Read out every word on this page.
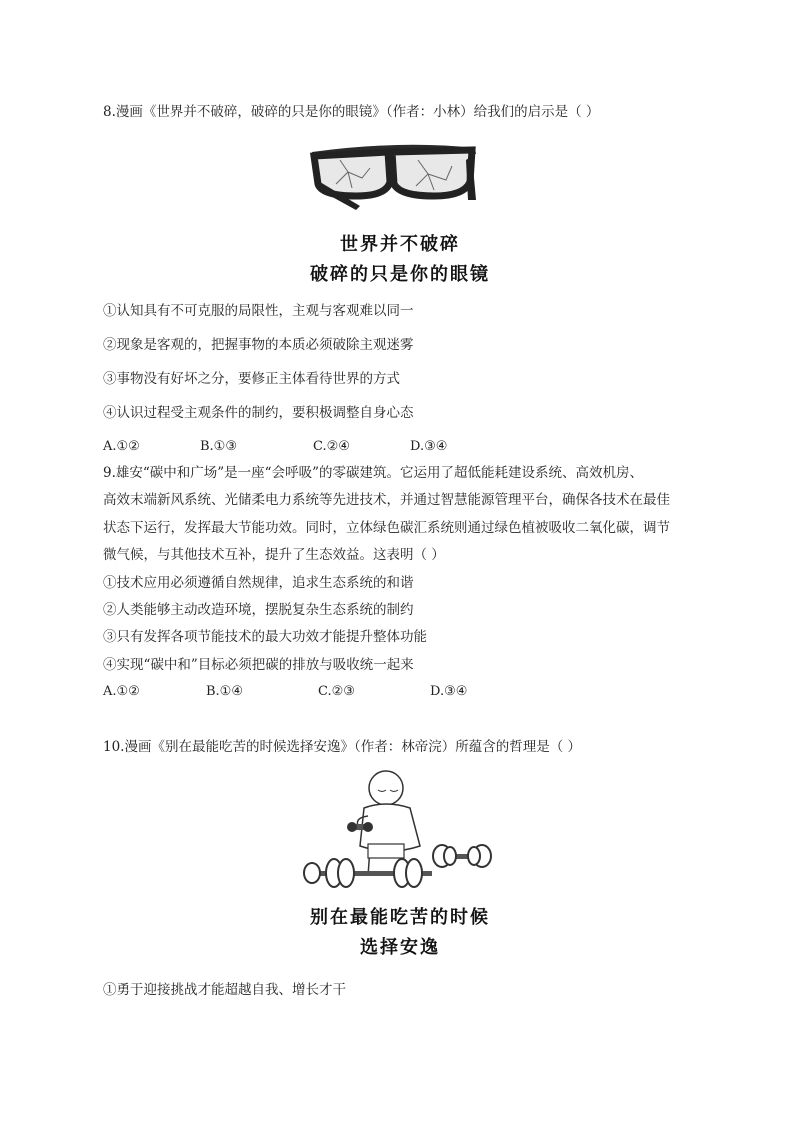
8.漫画《世界并不破碎，破碎的只是你的眼镜》（作者：小林）给我们的启示是（ ）
世界并不破碎
破碎的只是你的眼镜
①认知具有不可克服的局限性，主观与客观难以同一
②现象是客观的，把握事物的本质必须破除主观迷雾
③事物没有好坏之分，要修正主体看待世界的方式
④认识过程受主观条件的制约，要积极调整自身心态
A.①②	B.①③	C.②④	D.③④
9.雄安“碳中和广场”是一座“会呼吸”的零碳建筑。它运用了超低能耗建设系统、高效机房、
高效末端新风系统、光储柔电力系统等先进技术，并通过智慧能源管理平台，确保各技术在最佳
状态下运行，发挥最大节能功效。同时，立体绿色碳汇系统则通过绿色植被吸收二氧化碳，调节
微气候，与其他技术互补，提升了生态效益。这表明（ ）
①技术应用必须遵循自然规律，追求生态系统的和谐
②人类能够主动改造环境，摆脱复杂生态系统的制约
③只有发挥各项节能技术的最大功效才能提升整体功能
④实现“碳中和”目标必须把碳的排放与吸收统一起来
A.①②	B.①④	C.②③	D.③④
10.漫画《别在最能吃苦的时候选择安逸》（作者：林帝浣）所蕴含的哲理是（ ）
别在最能吃苦的时候
选择安逸
①勇于迎接挑战才能超越自我、增长才干
